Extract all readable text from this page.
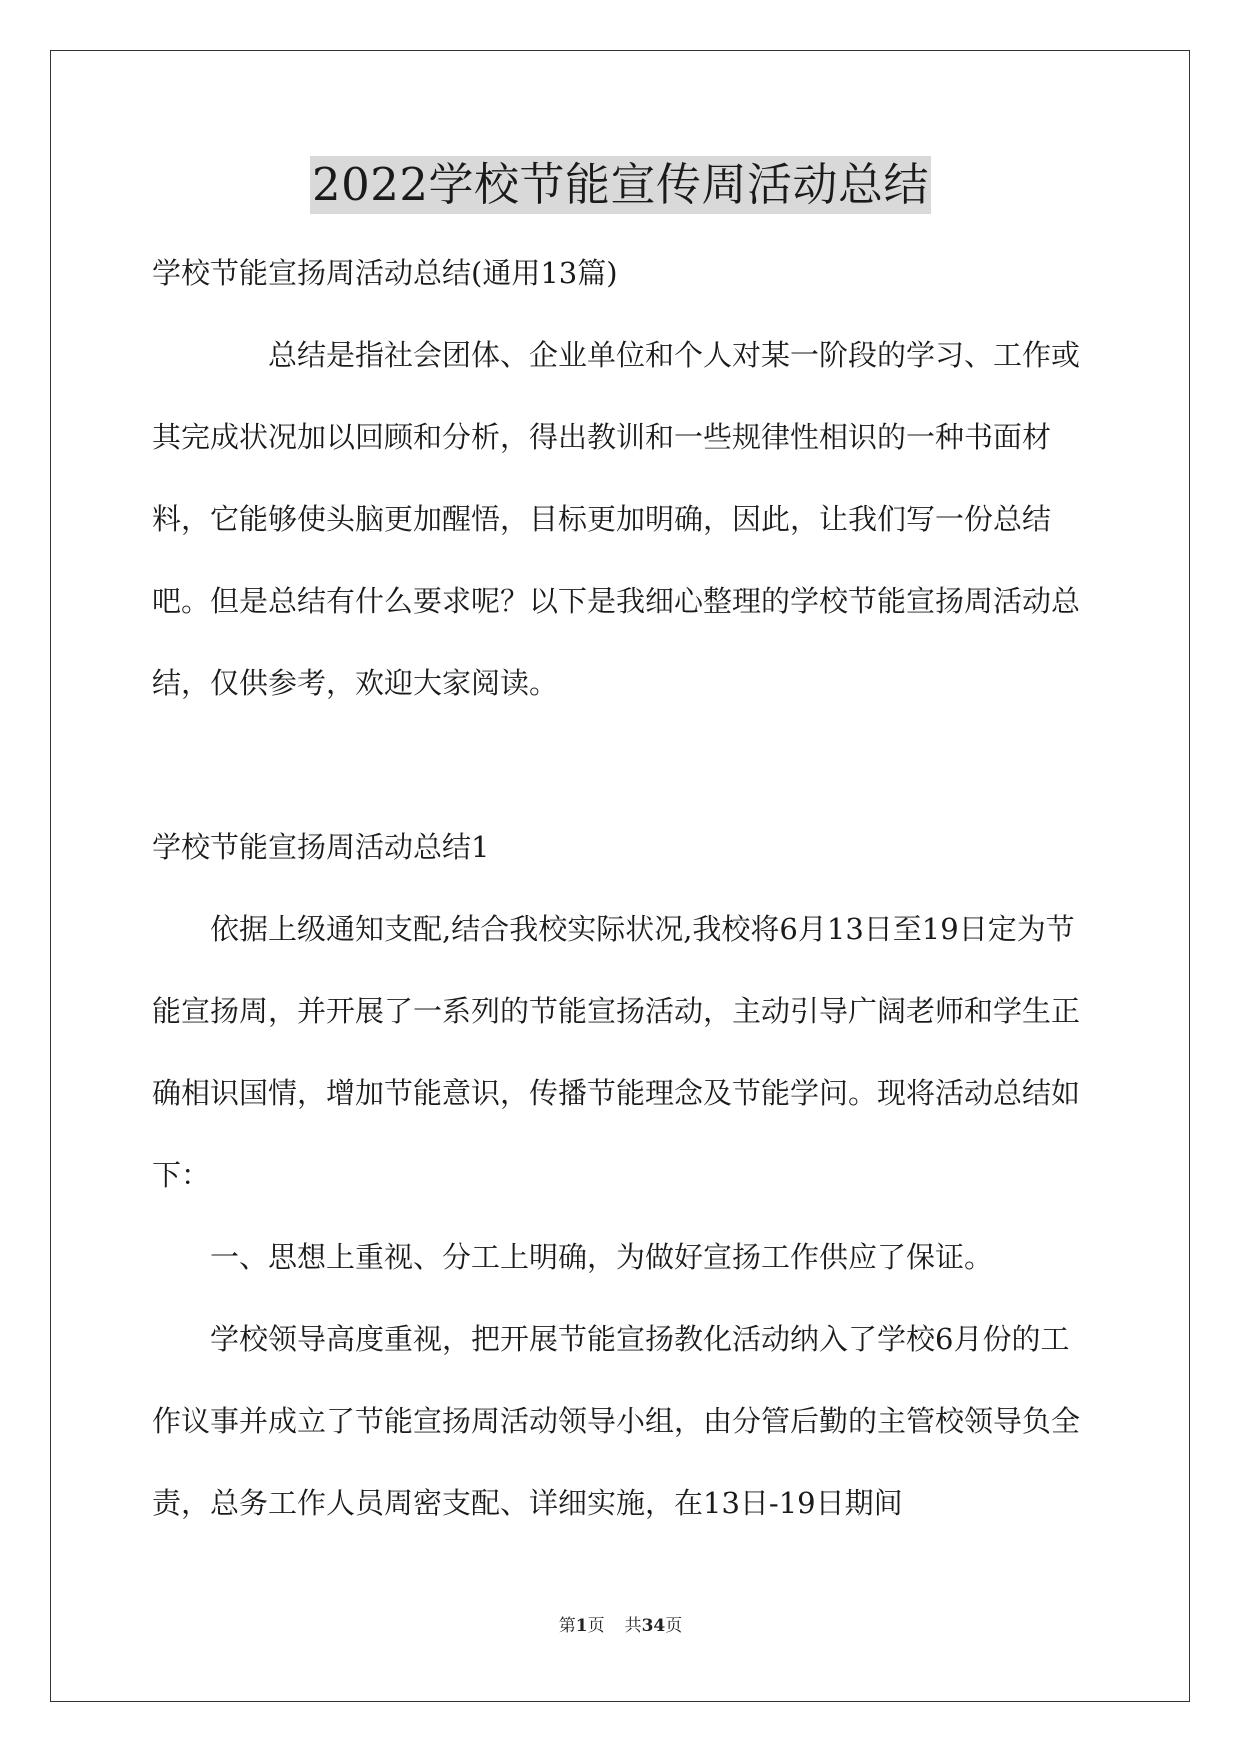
2022学校节能宣传周活动总结

学校节能宣扬周活动总结(通用13篇)

总结是指社会团体、企业单位和个人对某一阶段的学习、工作或其完成状况加以回顾和分析，得出教训和一些规律性相识的一种书面材料，它能够使头脑更加醒悟，目标更加明确，因此，让我们写一份总结吧。但是总结有什么要求呢？以下是我细心整理的学校节能宣扬周活动总结，仅供参考，欢迎大家阅读。

学校节能宣扬周活动总结1

依据上级通知支配,结合我校实际状况,我校将6月13日至19日定为节能宣扬周，并开展了一系列的节能宣扬活动，主动引导广阔老师和学生正确相识国情，增加节能意识，传播节能理念及节能学问。现将活动总结如下：

一、思想上重视、分工上明确，为做好宣扬工作供应了保证。

学校领导高度重视，把开展节能宣扬教化活动纳入了学校6月份的工作议事并成立了节能宣扬周活动领导小组，由分管后勤的主管校领导负全责，总务工作人员周密支配、详细实施，在13日-19日期间

第1页 共34页
